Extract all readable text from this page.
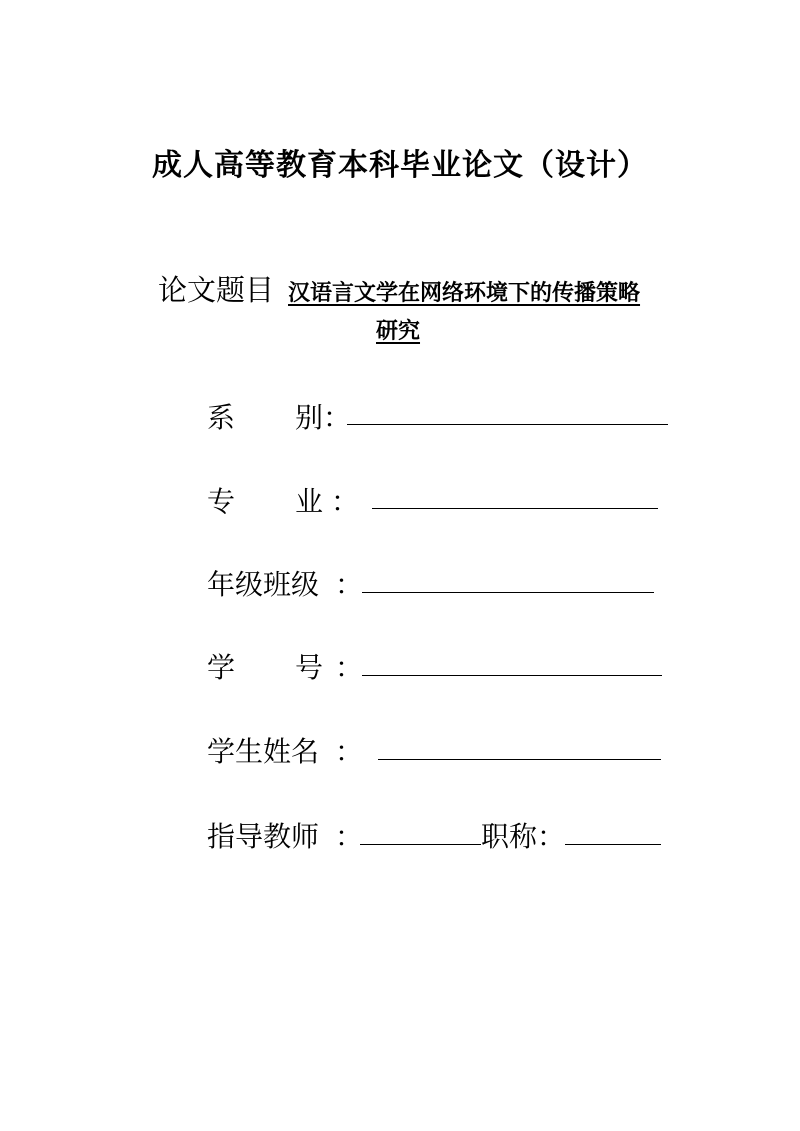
成人高等教育本科毕业论文（设计）
论文题目 汉语言文学在网络环境下的传播策略
研究
系 别 ：
专 业 ：
年级班级 ：
学 号 ：
学生姓名 ：
指导教师 ：	职称 ：
